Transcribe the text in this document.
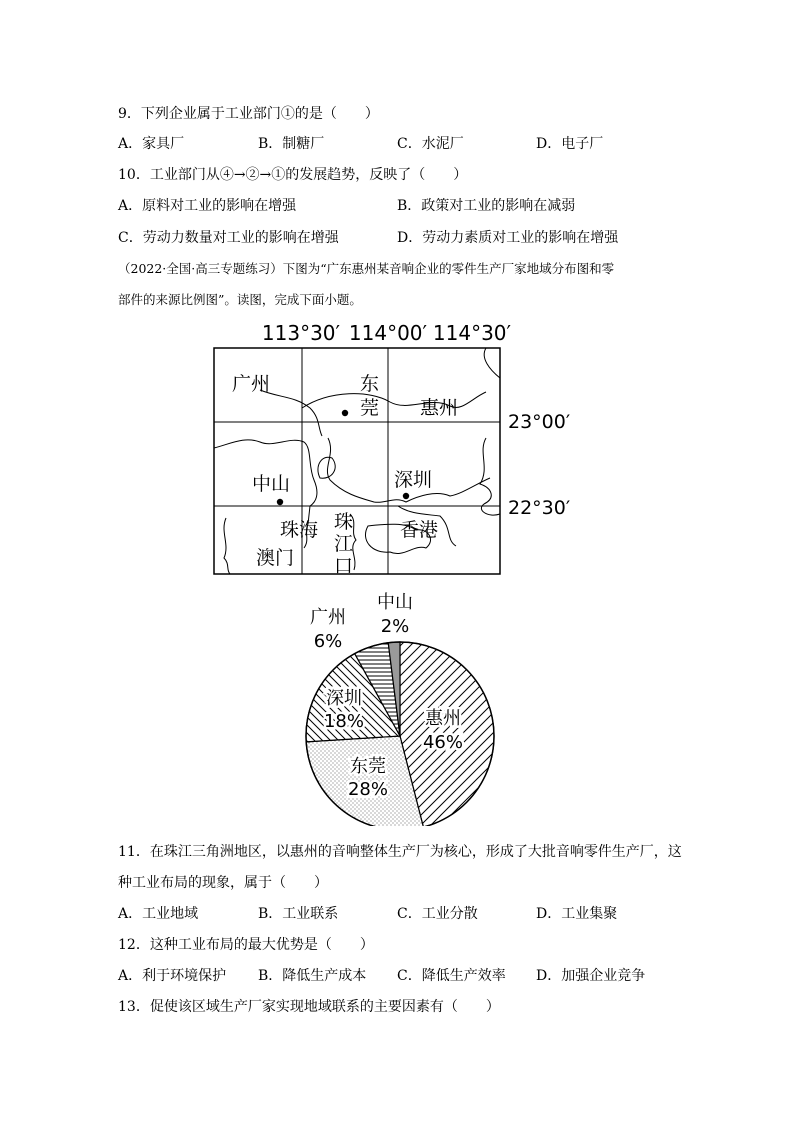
9．下列企业属于工业部门①的是（　　）
A．家具厂	B．制糖厂	C．水泥厂	D．电子厂
10．工业部门从④→②→①的发展趋势，反映了（　　）
A．原料对工业的影响在增强	B．政策对工业的影响在减弱
C．劳动力数量对工业的影响在增强	D．劳动力素质对工业的影响在增强
（2022·全国·高三专题练习）下图为“广东惠州某音响企业的零件生产厂家地域分布图和零
部件的来源比例图”。读图，完成下面小题。
113°30′ 114°00′ 114°30′
23°00′
22°30′
广州	东
莞 惠州
中山	深圳
珠海
澳门
珠
江
口
香港
惠州
46%
东莞
28%
深圳
18%
广州
6%
中山
2%
11．在珠江三角洲地区，以惠州的音响整体生产厂为核心，形成了大批音响零件生产厂，这
种工业布局的现象，属于（　　）
A．工业地域	B．工业联系	C．工业分散	D．工业集聚
12．这种工业布局的最大优势是（　　）
A．利于环境保护 B．降低生产成本 C．降低生产效率 D．加强企业竞争
13．促使该区域生产厂家实现地域联系的主要因素有（　　）
